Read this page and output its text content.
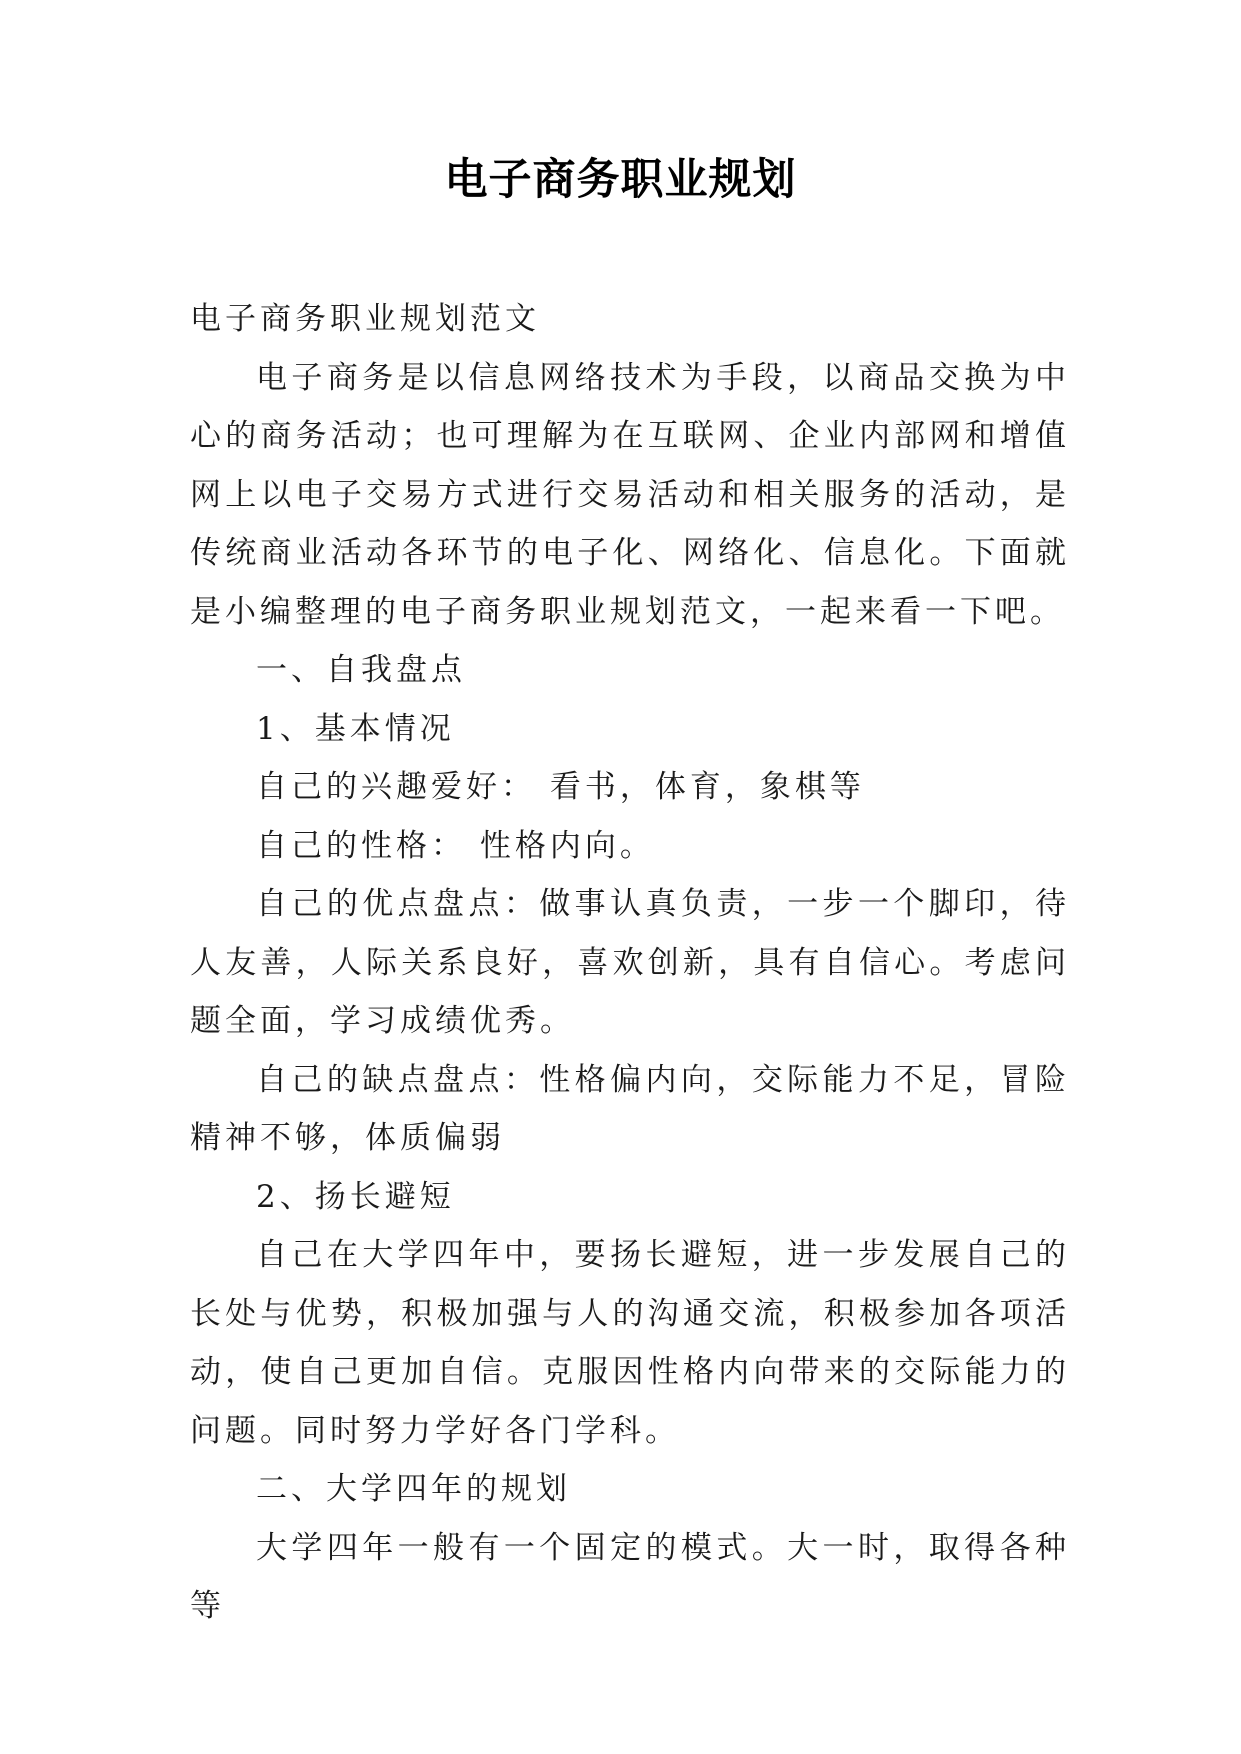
电子商务职业规划

电子商务职业规划范文

电子商务是以信息网络技术为手段，以商品交换为中心的商务活动；也可理解为在互联网、企业内部网和增值网上以电子交易方式进行交易活动和相关服务的活动，是传统商业活动各环节的电子化、网络化、信息化。下面就是小编整理的电子商务职业规划范文，一起来看一下吧。

一、自我盘点

1、基本情况

自己的兴趣爱好： 看书，体育，象棋等

自己的性格： 性格内向。

自己的优点盘点：做事认真负责，一步一个脚印，待人友善，人际关系良好，喜欢创新，具有自信心。考虑问题全面，学习成绩优秀。

自己的缺点盘点：性格偏内向，交际能力不足，冒险精神不够，体质偏弱

2、扬长避短

自己在大学四年中，要扬长避短，进一步发展自己的长处与优势，积极加强与人的沟通交流，积极参加各项活动，使自己更加自信。克服因性格内向带来的交际能力的问题。同时努力学好各门学科。

二、大学四年的规划

大学四年一般有一个固定的模式。大一时，取得各种等
